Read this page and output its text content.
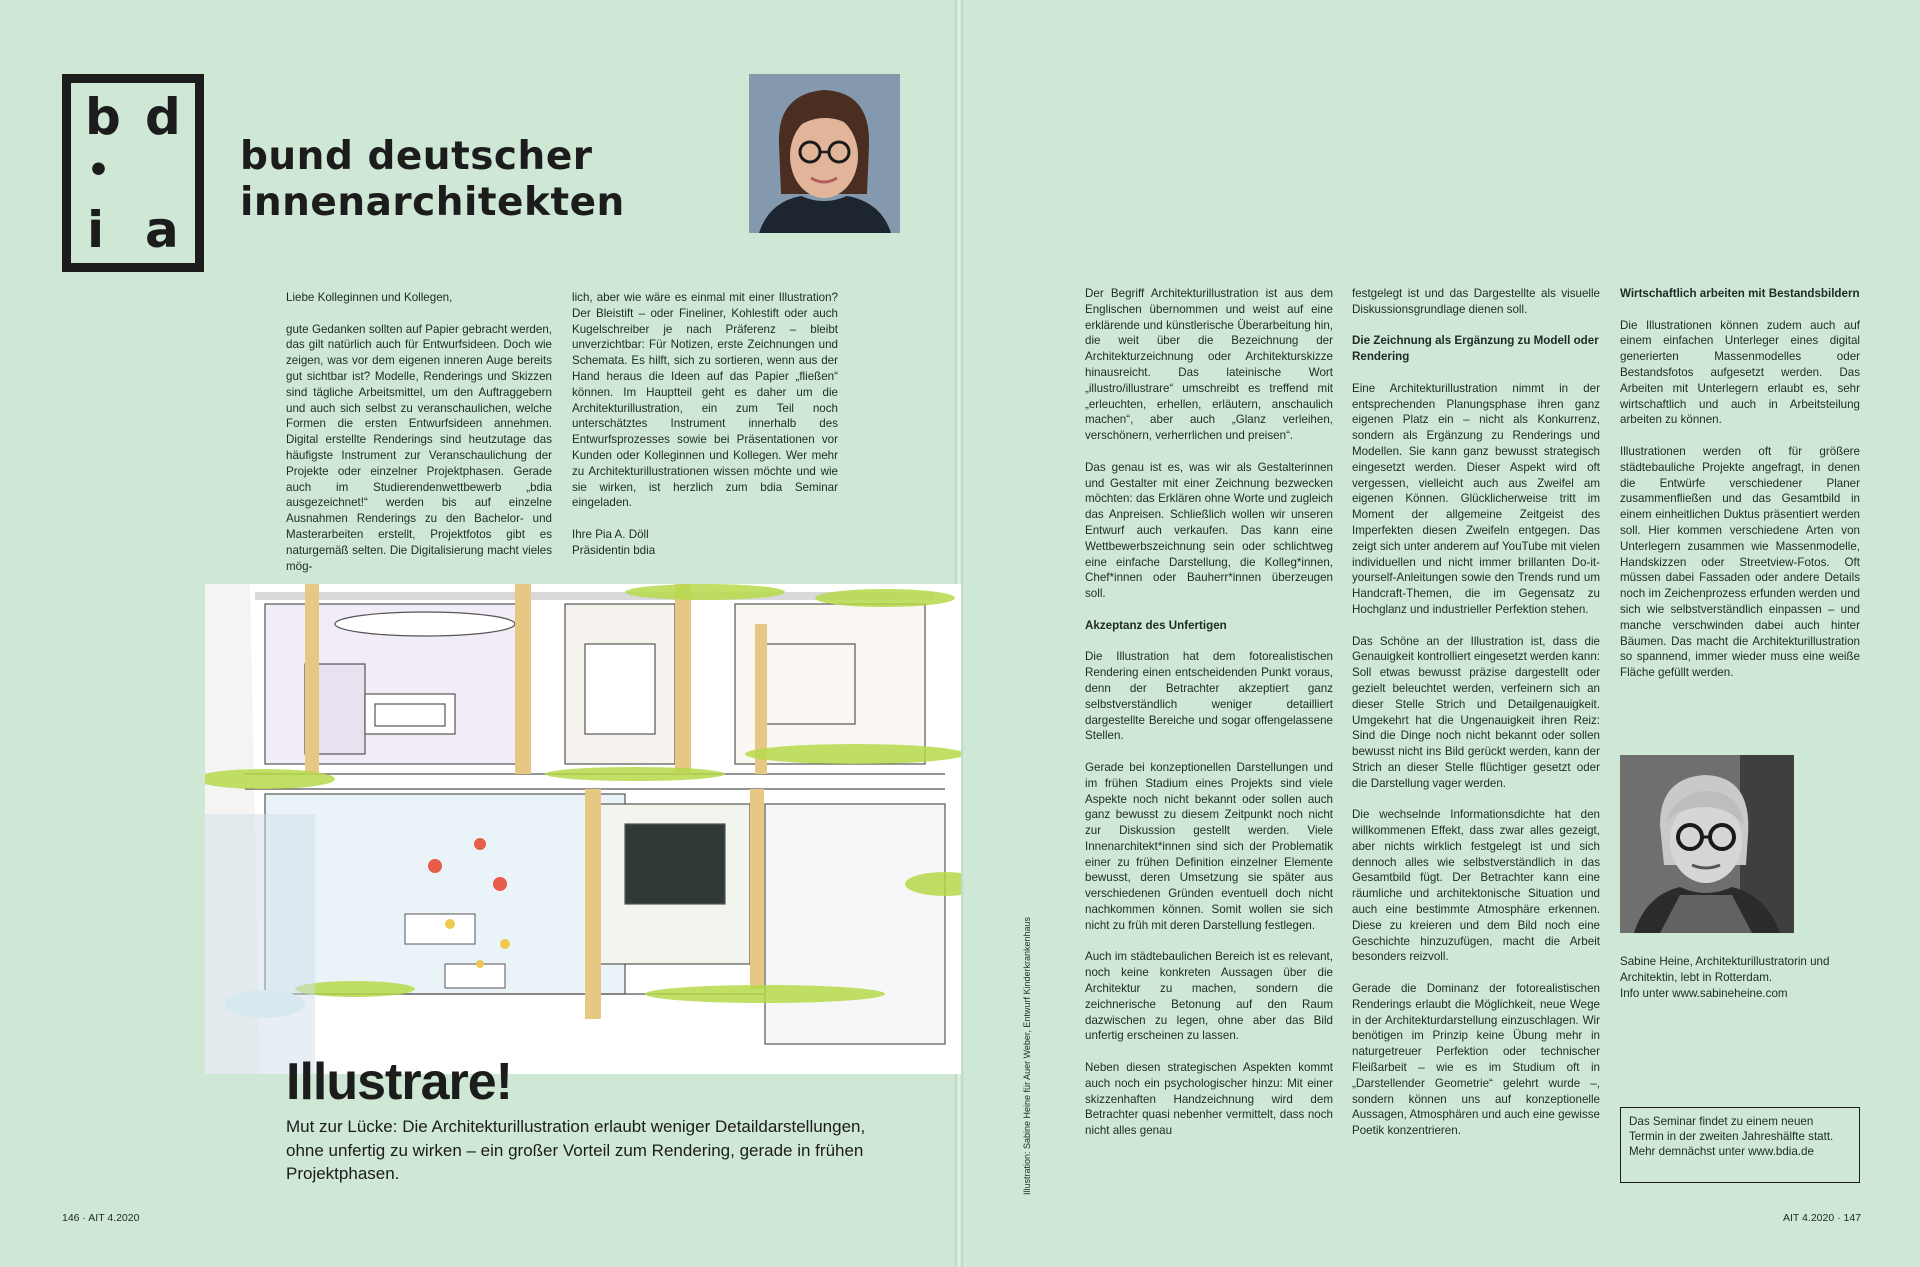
b d
•
i a
bund deutscher
innenarchitekten

Liebe Kolleginnen und Kollegen,

gute Gedanken sollten auf Papier gebracht werden, das gilt natürlich auch für Entwurfsideen. Doch wie zeigen, was vor dem eigenen inneren Auge bereits gut sichtbar ist? Modelle, Renderings und Skizzen sind tägliche Arbeitsmittel, um den Auftraggebern und auch sich selbst zu veranschaulichen, welche Formen die ersten Entwurfsideen annehmen. Digital erstellte Renderings sind heutzutage das häufigste Instrument zur Veranschaulichung der Projekte oder einzelner Projektphasen. Gerade auch im Studierendenwettbewerb „bdia ausgezeichnet!“ werden bis auf einzelne Ausnahmen Renderings zu den Bachelor- und Masterarbeiten erstellt, Projektfotos gibt es naturgemäß selten. Die Digitalisierung macht vieles mög-

lich, aber wie wäre es einmal mit einer Illustration? Der Bleistift – oder Fineliner, Kohlestift oder auch Kugelschreiber je nach Präferenz – bleibt unverzichtbar: Für Notizen, erste Zeichnungen und Schemata. Es hilft, sich zu sortieren, wenn aus der Hand heraus die Ideen auf das Papier „fließen“ können. Im Hauptteil geht es daher um die Architekturillustration, ein zum Teil noch unterschätztes Instrument innerhalb des Entwurfsprozesses sowie bei Präsentationen vor Kunden oder Kolleginnen und Kollegen. Wer mehr zu Architekturillustrationen wissen möchte und wie sie wirken, ist herzlich zum bdia Seminar eingeladen.

Ihre Pia A. Döll

Präsidentin bdia

146 · AIT 4.2020
Illustrare!
Mut zur Lücke: Die Architekturillustration erlaubt weniger Detaildarstellungen, ohne unfertig zu wirken – ein großer Vorteil zum Rendering, gerade in frühen Projektphasen.
AIT 4.2020 · 147
Illustration: Sabine Heine für Auer Weber, Entwurf Kinderkrankenhaus

Der Begriff Architekturillustration ist aus dem Englischen übernommen und weist auf eine erklärende und künstlerische Überarbeitung hin, die weit über die Bezeichnung der Architekturzeichnung oder Architekturskizze hinausreicht. Das lateinische Wort „illustro/illustrare“ umschreibt es treffend mit „erleuchten, erhellen, erläutern, anschaulich machen“, aber auch „Glanz verleihen, verschönern, verherrlichen und preisen“.

Das genau ist es, was wir als Gestalterinnen und Gestalter mit einer Zeichnung bezwecken möchten: das Erklären ohne Worte und zugleich das Anpreisen. Schließlich wollen wir unseren Entwurf auch verkaufen. Das kann eine Wettbewerbszeichnung sein oder schlichtweg eine einfache Darstellung, die Kolleg*innen, Chef*innen oder Bauherr*innen überzeugen soll.

Akzeptanz des Unfertigen

Die Illustration hat dem fotorealistischen Rendering einen entscheidenden Punkt voraus, denn der Betrachter akzeptiert ganz selbstverständlich weniger detailliert dargestellte Bereiche und sogar offengelassene Stellen.

Gerade bei konzeptionellen Darstellungen und im frühen Stadium eines Projekts sind viele Aspekte noch nicht bekannt oder sollen auch ganz bewusst zu diesem Zeitpunkt noch nicht zur Diskussion gestellt werden. Viele Innenarchitekt*innen sind sich der Problematik einer zu frühen Definition einzelner Elemente bewusst, deren Umsetzung sie später aus verschiedenen Gründen eventuell doch nicht nachkommen können. Somit wollen sie sich nicht zu früh mit deren Darstellung festlegen.

Auch im städtebaulichen Bereich ist es relevant, noch keine konkreten Aussagen über die Architektur zu machen, sondern die zeichnerische Betonung auf den Raum dazwischen zu legen, ohne aber das Bild unfertig erscheinen zu lassen.

Neben diesen strategischen Aspekten kommt auch noch ein psychologischer hinzu: Mit einer skizzenhaften Handzeichnung wird dem Betrachter quasi nebenher vermittelt, dass noch nicht alles genau

festgelegt ist und das Dargestellte als visuelle Diskussionsgrundlage dienen soll.

Die Zeichnung als Ergänzung zu Modell oder Rendering

Eine Architekturillustration nimmt in der entsprechenden Planungsphase ihren ganz eigenen Platz ein – nicht als Konkurrenz, sondern als Ergänzung zu Renderings und Modellen. Sie kann ganz bewusst strategisch eingesetzt werden. Dieser Aspekt wird oft vergessen, vielleicht auch aus Zweifel am eigenen Können. Glücklicherweise tritt im Moment der allgemeine Zeitgeist des Imperfekten diesen Zweifeln entgegen. Das zeigt sich unter anderem auf YouTube mit vielen individuellen und nicht immer brillanten Do-it-yourself-Anleitungen sowie den Trends rund um Handcraft-Themen, die im Gegensatz zu Hochglanz und industrieller Perfektion stehen.

Das Schöne an der Illustration ist, dass die Genauigkeit kontrolliert eingesetzt werden kann: Soll etwas bewusst präzise dargestellt oder gezielt beleuchtet werden, verfeinern sich an dieser Stelle Strich und Detailgenauigkeit. Umgekehrt hat die Ungenauigkeit ihren Reiz: Sind die Dinge noch nicht bekannt oder sollen bewusst nicht ins Bild gerückt werden, kann der Strich an dieser Stelle flüchtiger gesetzt oder die Darstellung vager werden.

Die wechselnde Informationsdichte hat den willkommenen Effekt, dass zwar alles gezeigt, aber nichts wirklich festgelegt ist und sich dennoch alles wie selbstverständlich in das Gesamtbild fügt. Der Betrachter kann eine räumliche und architektonische Situation und auch eine bestimmte Atmosphäre erkennen. Diese zu kreieren und dem Bild noch eine Geschichte hinzuzufügen, macht die Arbeit besonders reizvoll.

Gerade die Dominanz der fotorealistischen Renderings erlaubt die Möglichkeit, neue Wege in der Architekturdarstellung einzuschlagen. Wir benötigen im Prinzip keine Übung mehr in naturgetreuer Perfektion oder technischer Fleißarbeit – wie es im Studium oft in „Darstellender Geometrie“ gelehrt wurde –, sondern können uns auf konzeptionelle Aussagen, Atmosphären und auch eine gewisse Poetik konzentrieren.

Wirtschaftlich arbeiten mit Bestandsbildern

Die Illustrationen können zudem auch auf einem einfachen Unterleger eines digital generierten Massenmodelles oder Bestandsfotos aufgesetzt werden. Das Arbeiten mit Unterlegern erlaubt es, sehr wirtschaftlich und auch in Arbeitsteilung arbeiten zu können.

Illustrationen werden oft für größere städtebauliche Projekte angefragt, in denen die Entwürfe verschiedener Planer zusammenfließen und das Gesamtbild in einem einheitlichen Duktus präsentiert werden soll. Hier kommen verschiedene Arten von Unterlegern zusammen wie Massenmodelle, Handskizzen oder Streetview-Fotos. Oft müssen dabei Fassaden oder andere Details noch im Zeichenprozess erfunden werden und sich wie selbstverständlich einpassen – und manche verschwinden dabei auch hinter Bäumen. Das macht die Architekturillustration so spannend, immer wieder muss eine weiße Fläche gefüllt werden.

Sabine Heine, Architekturillustratorin und Architektin, lebt in Rotterdam.

Info unter www.sabineheine.com

Das Seminar findet zu einem neuen Termin in der zweiten Jahreshälfte statt. Mehr demnächst unter www.bdia.de
